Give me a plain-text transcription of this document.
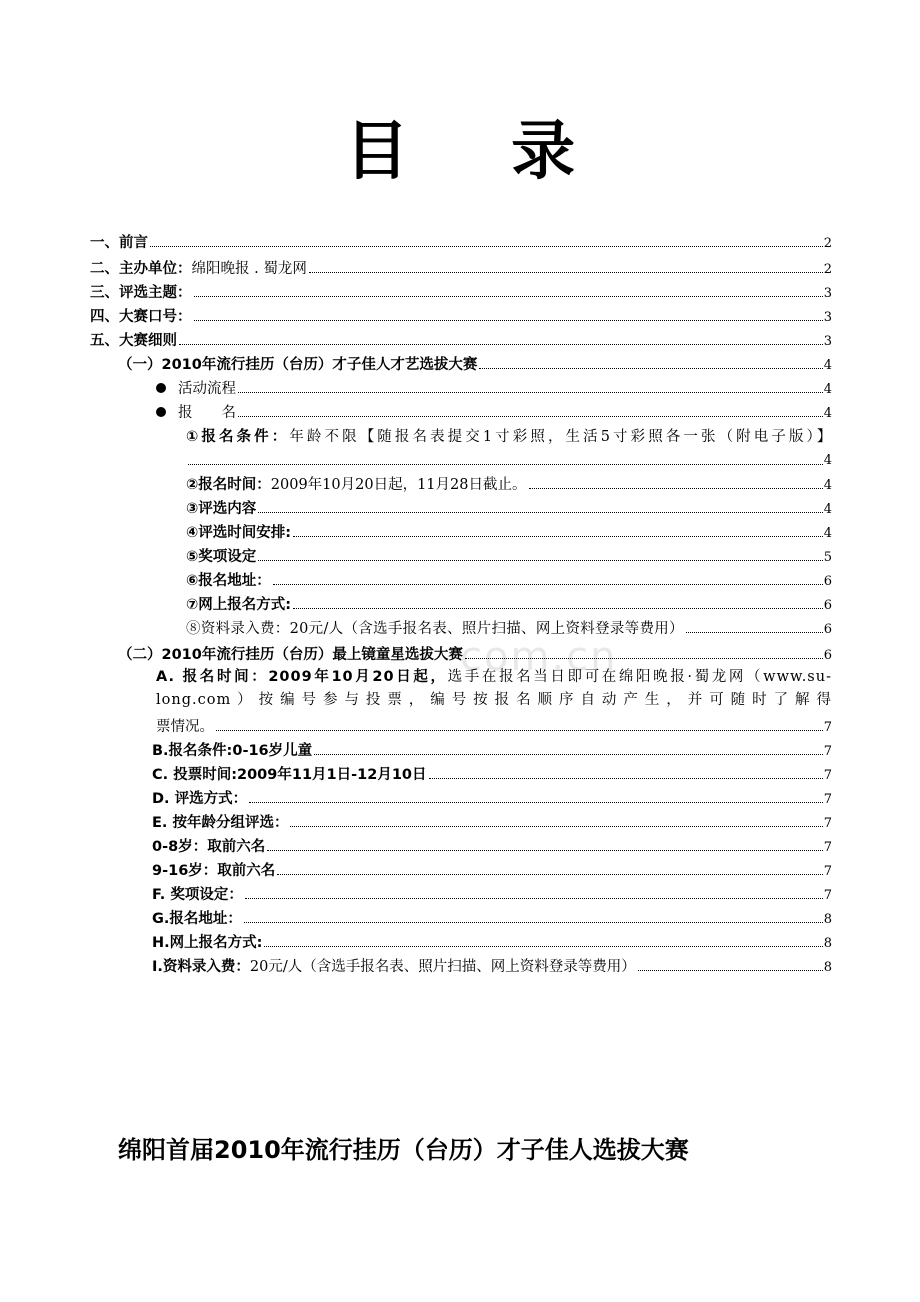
目 录
com.cn
一、前言	2
二、主办单位：绵阳晚报 . 蜀龙网	2
三、评选主题：	3
四、大赛口号：	3
五、大赛细则	3
（一）2010年流行挂历（台历）才子佳人才艺选拔大赛	4
活动流程	4
报　　名	4
①报名条件：年龄不限【随报名表提交1寸彩照，生活5寸彩照各一张（附电子版）】
4
②报名时间：2009年10月20日起，11月28日截止。	4
③评选内容	4
④评选时间安排:	4
⑤奖项设定	5
⑥报名地址：	6
⑦网上报名方式:	6
⑧资料录入费：20元/人（含选手报名表、照片扫描、网上资料登录等费用）	6
（二）2010年流行挂历（台历）最上镜童星选拔大赛	6
A. 报名时间：2009年10月20日起，选手在报名当日即可在绵阳晚报·蜀龙网（www.su-long.com）按编号参与投票，编号按报名顺序自动产生，并可随时了解得
票情况。	7
B.报名条件:0-16岁儿童	7
C. 投票时间:2009年11月1日-12月10日	7
D. 评选方式：	7
E. 按年龄分组评选：	7
0-8岁：取前六名	7
9-16岁：取前六名	7
F. 奖项设定：	7
G.报名地址：	8
H.网上报名方式:	8
I.资料录入费：20元/人（含选手报名表、照片扫描、网上资料登录等费用）	8
绵阳首届2010年流行挂历（台历）才子佳人选拔大赛
